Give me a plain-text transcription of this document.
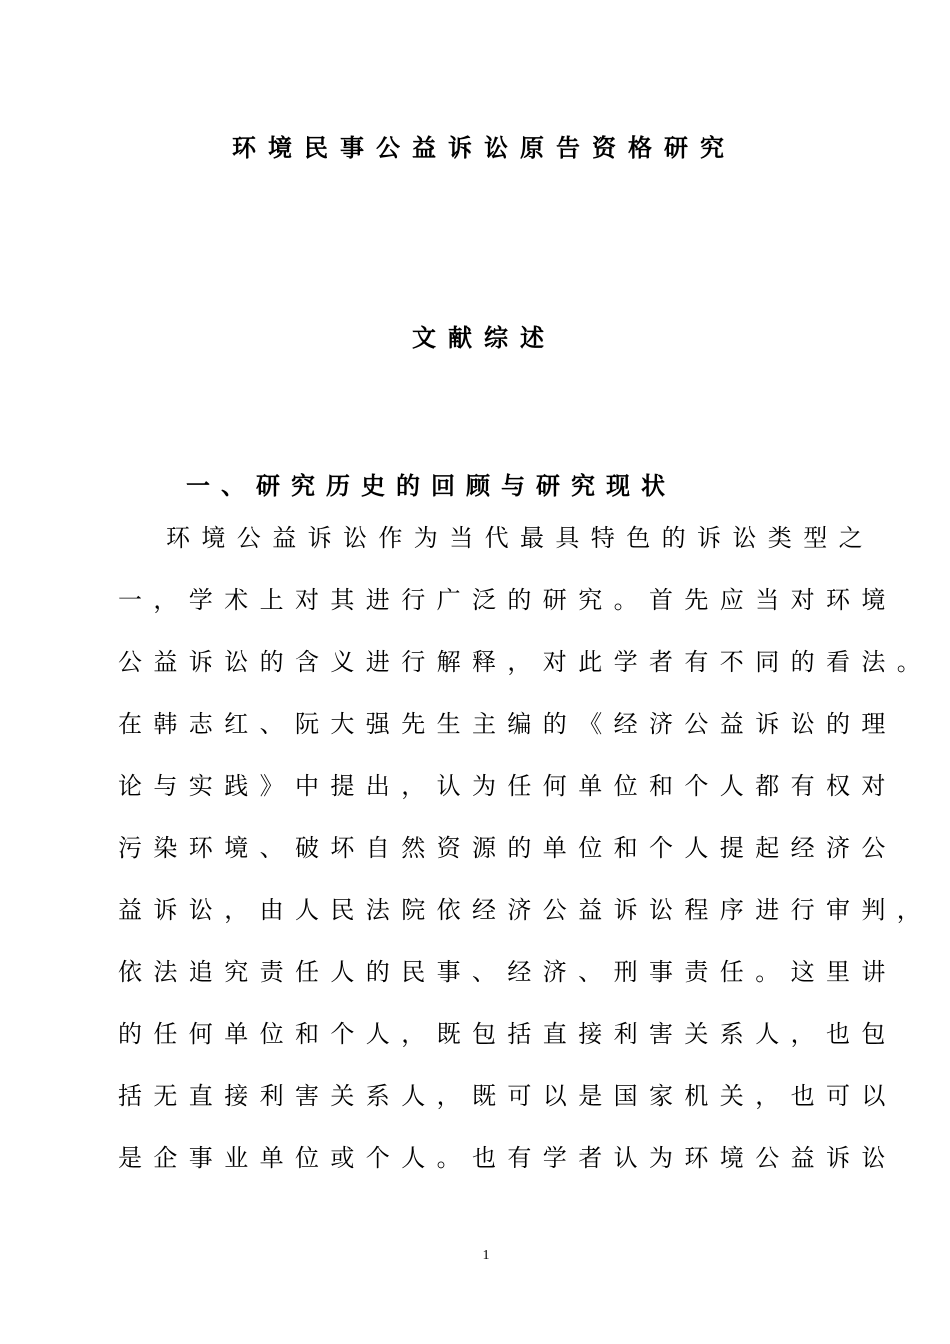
环境民事公益诉讼原告资格研究
文献综述
一、研究历史的回顾与研究现状
环境公益诉讼作为当代最具特色的诉讼类型之
一，学术上对其进行广泛的研究。首先应当对环境
公益诉讼的含义进行解释，对此学者有不同的看法。
在韩志红、阮大强先生主编的《经济公益诉讼的理
论与实践》中提出，认为任何单位和个人都有权对
污染环境、破坏自然资源的单位和个人提起经济公
益诉讼，由人民法院依经济公益诉讼程序进行审判，
依法追究责任人的民事、经济、刑事责任。这里讲
的任何单位和个人，既包括直接利害关系人，也包
括无直接利害关系人，既可以是国家机关，也可以
是企事业单位或个人。也有学者认为环境公益诉讼
1
